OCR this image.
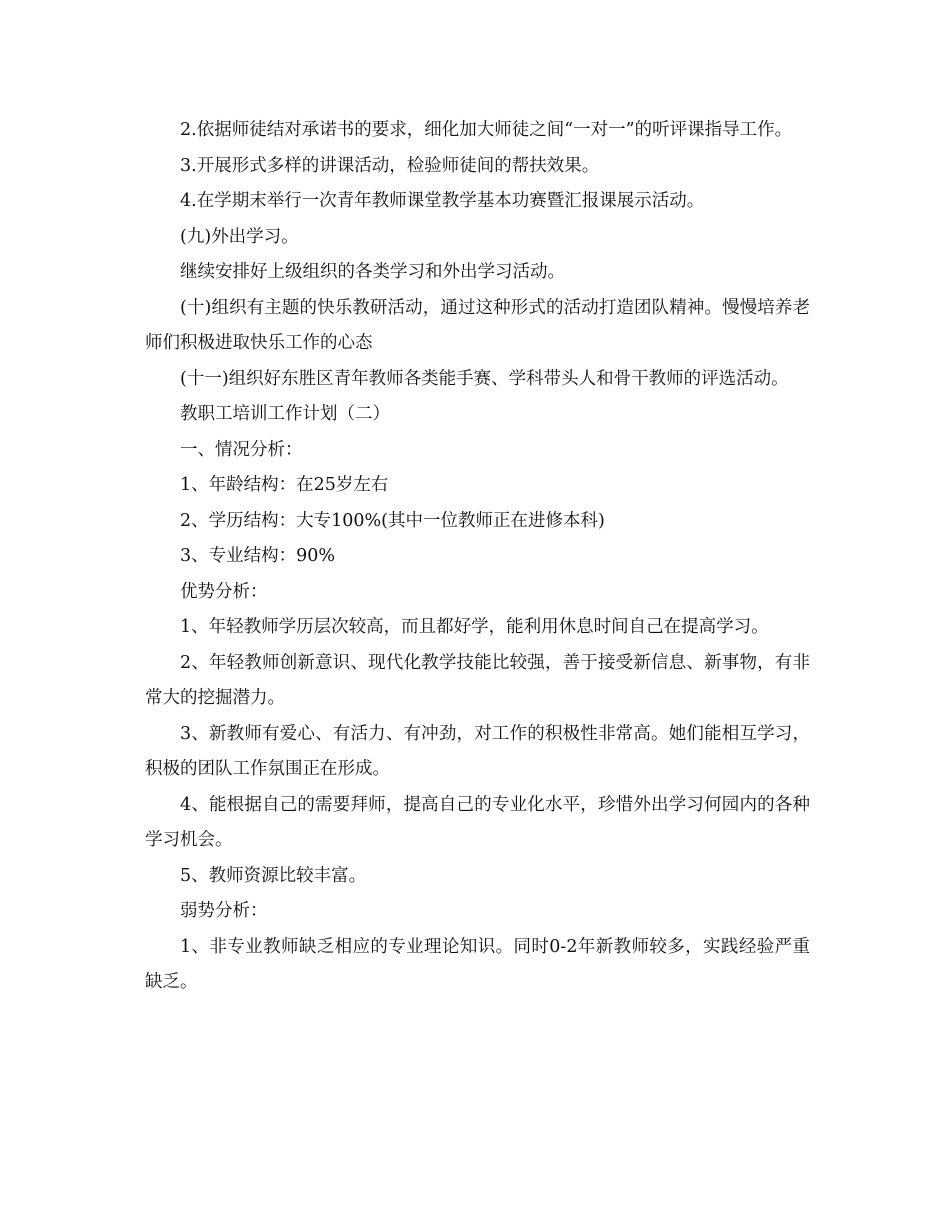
2.依据师徒结对承诺书的要求，细化加大师徒之间“一对一”的听评课指导工作。

3.开展形式多样的讲课活动，检验师徒间的帮扶效果。

4.在学期末举行一次青年教师课堂教学基本功赛暨汇报课展示活动。

(九)外出学习。

继续安排好上级组织的各类学习和外出学习活动。

(十)组织有主题的快乐教研活动，通过这种形式的活动打造团队精神。慢慢培养老师们积极进取快乐工作的心态

(十一)组织好东胜区青年教师各类能手赛、学科带头人和骨干教师的评选活动。

教职工培训工作计划（二）

一、情况分析：

1、年龄结构：在25岁左右

2、学历结构：大专100%(其中一位教师正在进修本科)

3、专业结构：90%

优势分析：

1、年轻教师学历层次较高，而且都好学，能利用休息时间自己在提高学习。

2、年轻教师创新意识、现代化教学技能比较强，善于接受新信息、新事物，有非常大的挖掘潜力。

3、新教师有爱心、有活力、有冲劲，对工作的积极性非常高。她们能相互学习，积极的团队工作氛围正在形成。

4、能根据自己的需要拜师，提高自己的专业化水平，珍惜外出学习何园内的各种学习机会。

5、教师资源比较丰富。

弱势分析：

1、非专业教师缺乏相应的专业理论知识。同时0-2年新教师较多，实践经验严重缺乏。
